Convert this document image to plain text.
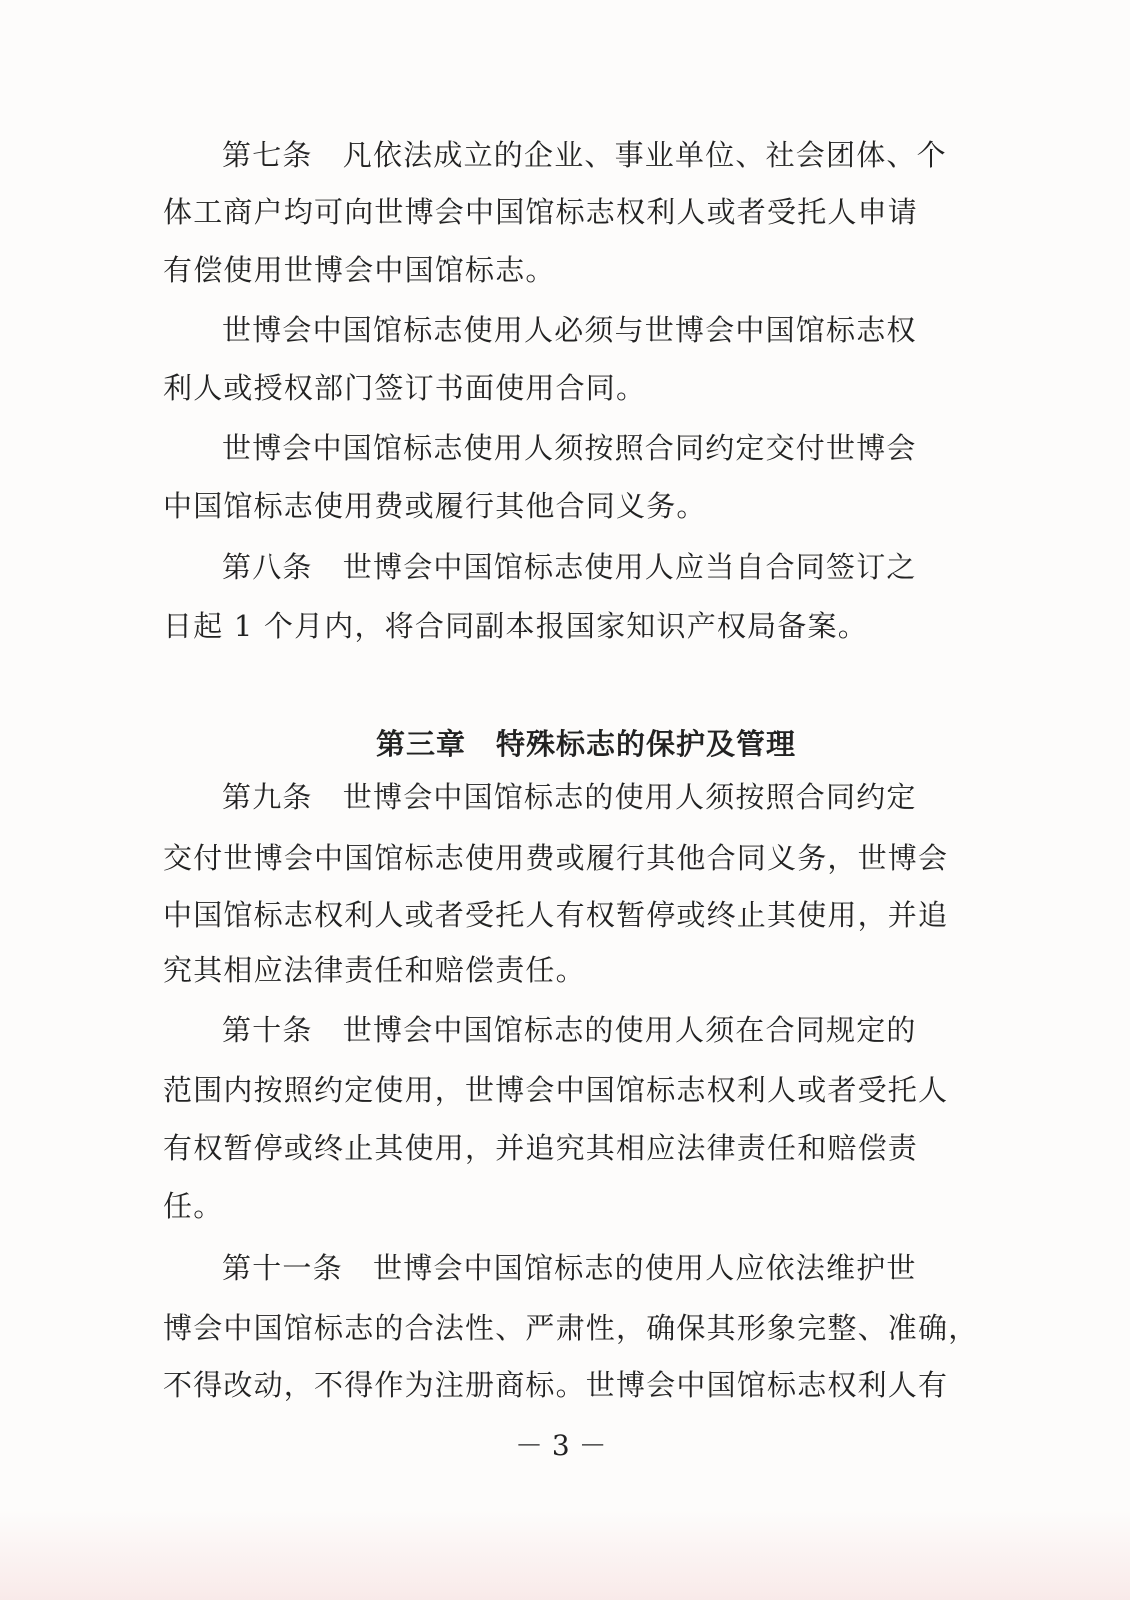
第七条　凡依法成立的企业、事业单位、社会团体、个
体工商户均可向世博会中国馆标志权利人或者受托人申请
有偿使用世博会中国馆标志。
世博会中国馆标志使用人必须与世博会中国馆标志权
利人或授权部门签订书面使用合同。
世博会中国馆标志使用人须按照合同约定交付世博会
中国馆标志使用费或履行其他合同义务。
第八条　世博会中国馆标志使用人应当自合同签订之
日起 1 个月内，将合同副本报国家知识产权局备案。
第三章　特殊标志的保护及管理
第九条　世博会中国馆标志的使用人须按照合同约定
交付世博会中国馆标志使用费或履行其他合同义务，世博会
中国馆标志权利人或者受托人有权暂停或终止其使用，并追
究其相应法律责任和赔偿责任。
第十条　世博会中国馆标志的使用人须在合同规定的
范围内按照约定使用，世博会中国馆标志权利人或者受托人
有权暂停或终止其使用，并追究其相应法律责任和赔偿责
任。
第十一条　世博会中国馆标志的使用人应依法维护世
博会中国馆标志的合法性、严肃性，确保其形象完整、准确，
不得改动，不得作为注册商标。世博会中国馆标志权利人有
－ 3 －
